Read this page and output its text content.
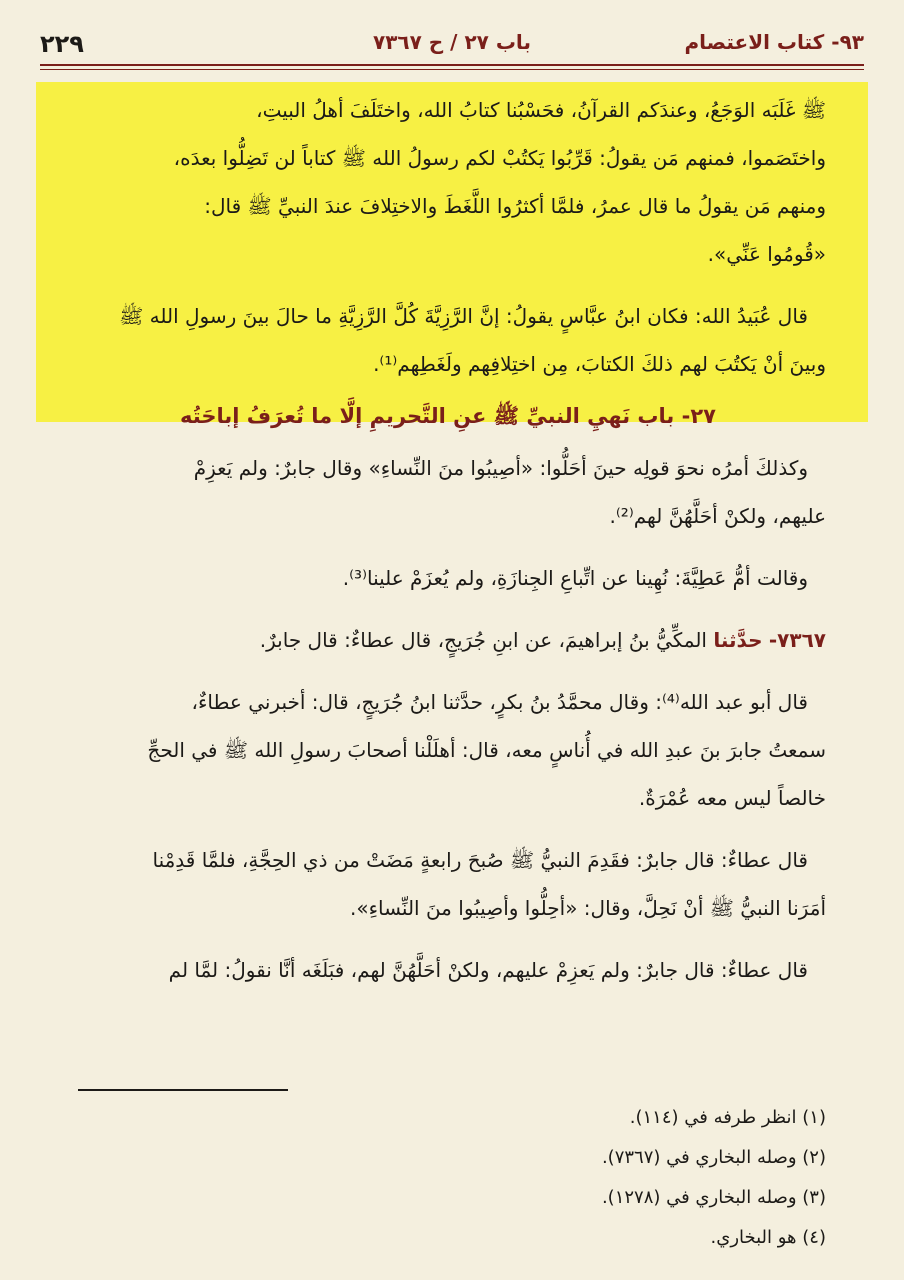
٩٣- كتاب الاعتصام
باب ٢٧ / ح ٧٣٦٧
٢٢٩

ﷺ غَلَبَه الوَجَعُ، وعندَكم القرآنُ، فحَسْبُنا كتابُ الله، واختَلَفَ أهلُ البيتِ،

واختَصَموا، فمنهم مَن يقولُ: قَرِّبُوا يَكتُبْ لكم رسولُ الله ﷺ كتاباً لن تَضِلُّوا بعدَه،

ومنهم مَن يقولُ ما قال عمرُ، فلمَّا أكثرُوا اللَّغَطَ والاختِلافَ عندَ النبيِّ ﷺ قال:

«قُومُوا عَنِّي».

قال عُبَيدُ الله: فكان ابنُ عبَّاسٍ يقولُ: إنَّ الرَّزِيَّةَ كُلَّ الرَّزِيَّةِ ما حالَ بينَ رسولِ الله ﷺ

وبينَ أنْ يَكتُبَ لهم ذلكَ الكتابَ، مِن اختِلافِهم ولَغَطِهم⁽¹⁾.

٢٧- باب نَهيِ النبيِّ ﷺ عنِ التَّحريمِ إلَّا ما تُعرَفُ إباحَتُه

وكذلكَ أمرُه نحوَ قولِه حينَ أحَلُّوا: «أصِيبُوا منَ النِّساءِ» وقال جابرٌ: ولم يَعزِمْ

عليهم، ولكنْ أحَلَّهُنَّ لهم⁽²⁾.

وقالت أمُّ عَطِيَّةَ: نُهِينا عن اتِّباعِ الجِنازَةِ، ولم يُعزَمْ علينا⁽³⁾.

٧٣٦٧- حدَّثنا المكِّيُّ بنُ إبراهيمَ، عن ابنِ جُرَيجٍ، قال عطاءٌ: قال جابرٌ.

قال أبو عبد الله⁽⁴⁾: وقال محمَّدُ بنُ بكرٍ، حدَّثنا ابنُ جُرَيجٍ، قال: أخبرني عطاءٌ،

سمعتُ جابرَ بنَ عبدِ الله في أُناسٍ معه، قال: أهلَلْنا أصحابَ رسولِ الله ﷺ في الحجِّ

خالصاً ليس معه عُمْرَةٌ.

قال عطاءٌ: قال جابرٌ: فقَدِمَ النبيُّ ﷺ صُبحَ رابعةٍ مَضَتْ من ذي الحِجَّةِ، فلمَّا قَدِمْنا

أمَرَنا النبيُّ ﷺ أنْ نَحِلَّ، وقال: «أحِلُّوا وأصِيبُوا منَ النِّساءِ».

قال عطاءٌ: قال جابرٌ: ولم يَعزِمْ عليهم، ولكنْ أحَلَّهُنَّ لهم، فبَلَغَه أنَّا نقولُ: لمَّا لم

(١) انظر طرفه في (١١٤).

(٢) وصله البخاري في (٧٣٦٧).

(٣) وصله البخاري في (١٢٧٨).

(٤) هو البخاري.
